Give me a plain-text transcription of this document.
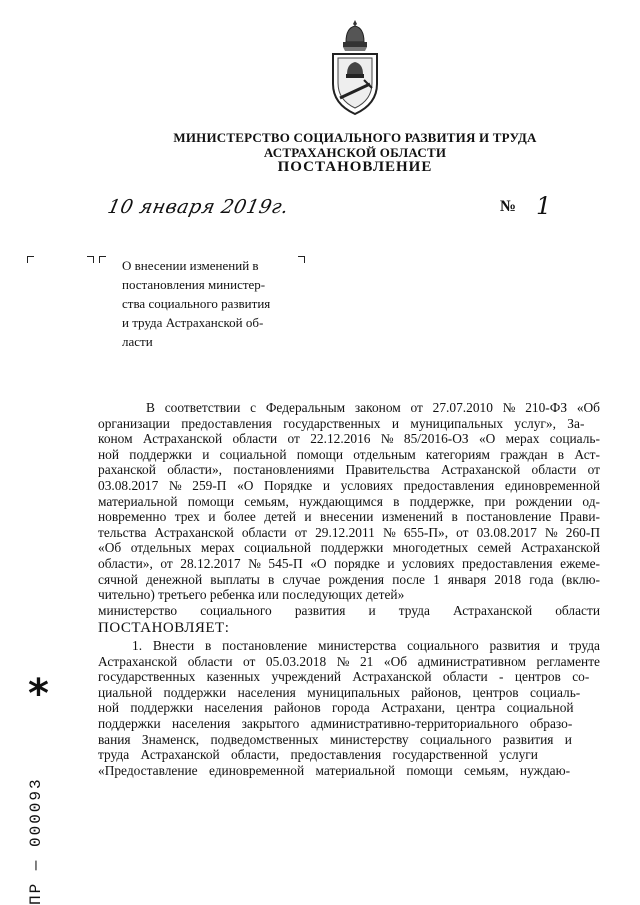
МИНИСТЕРСТВО СОЦИАЛЬНОГО РАЗВИТИЯ И ТРУДА
АСТРАХАНСКОЙ ОБЛАСТИ
ПОСТАНОВЛЕНИЕ
10 января 2019г.	№ 1
О внесении изменений в
постановления министер-
ства социального развития
и труда Астраханской об-
ласти
В соответствии с Федеральным законом от 27.07.2010 № 210-ФЗ «Об
организации предоставления государственных и муниципальных услуг», За-
коном Астраханской области от 22.12.2016 № 85/2016-ОЗ «О мерах социаль-
ной поддержки и социальной помощи отдельным категориям граждан в Аст-
раханской области», постановлениями Правительства Астраханской области от
03.08.2017 № 259-П «О Порядке и условиях предоставления единовременной
материальной помощи семьям, нуждающимся в поддержке, при рождении од-
новременно трех и более детей и внесении изменений в постановление Прави-
тельства Астраханской области от 29.12.2011 № 655-П», от 03.08.2017 № 260-П
«Об отдельных мерах социальной поддержки многодетных семей Астраханской
области», от 28.12.2017 № 545-П «О порядке и условиях предоставления ежеме-
сячной денежной выплаты в случае рождения после 1 января 2018 года (вклю-
чительно) третьего ребенка или последующих детей»
министерство социального развития и труда Астраханской области
ПОСТАНОВЛЯЕТ:
1. Внести в постановление министерства социального развития и труда
Астраханской области от 05.03.2018 № 21 «Об административном регламенте
государственных казенных учреждений Астраханской области - центров со-
циальной поддержки населения муниципальных районов, центров социаль-
ной поддержки населения районов города Астрахани, центра социальной
поддержки населения закрытого административно-территориального образо-
вания Знаменск, подведомственных министерству социального развития и
труда Астраханской области, предоставления государственной услуги
«Предоставление единовременной материальной помощи семьям, нуждаю-
*
ПР — 000093
